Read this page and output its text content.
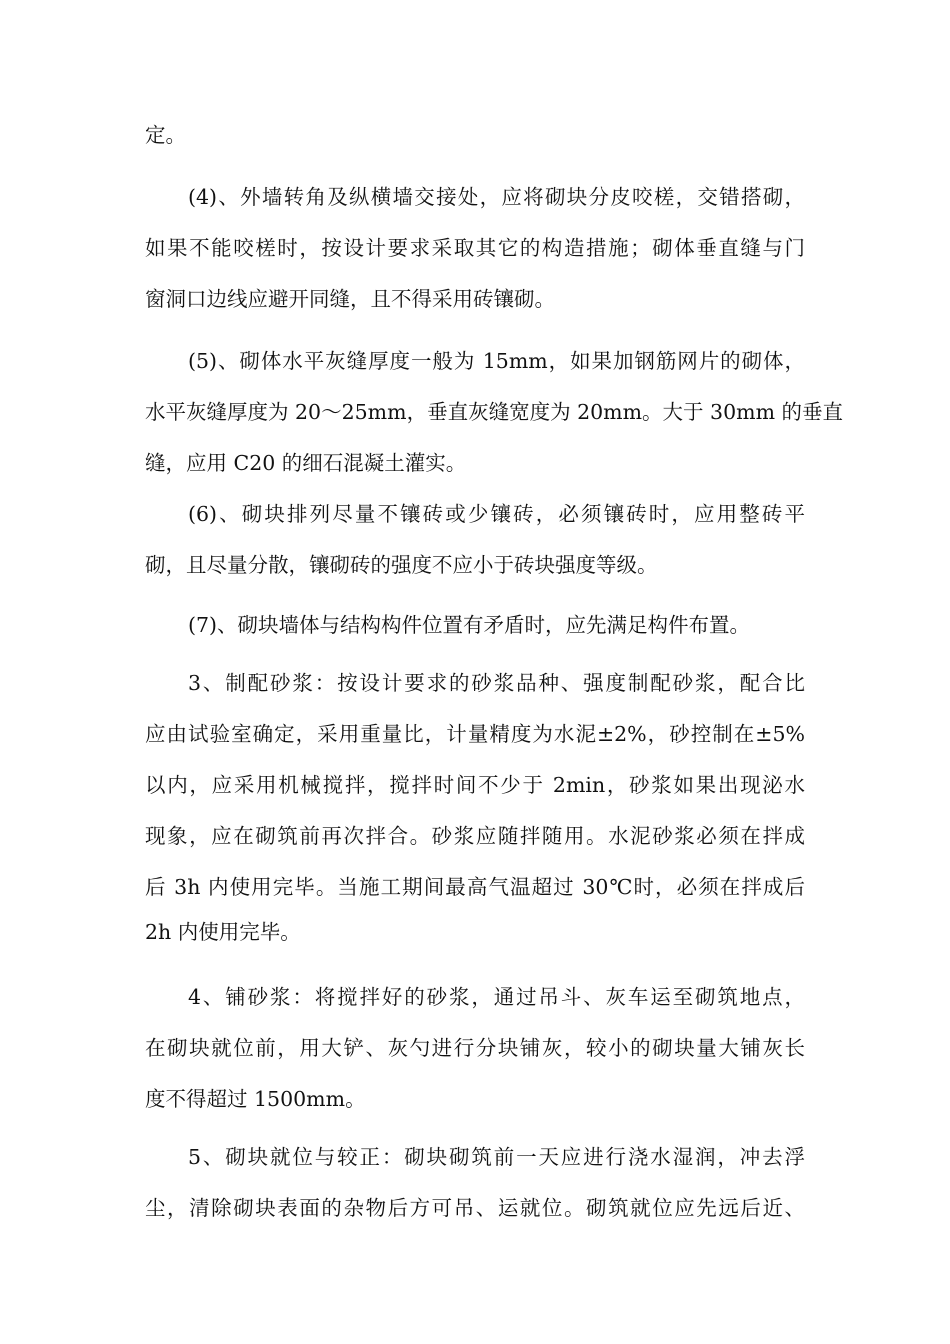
定。
(4)、外墙转角及纵横墙交接处，应将砌块分皮咬槎，交错搭砌，
如果不能咬槎时，按设计要求采取其它的构造措施；砌体垂直缝与门
窗洞口边线应避开同缝，且不得采用砖镶砌。
(5)、砌体水平灰缝厚度一般为 15mm，如果加钢筋网片的砌体，
水平灰缝厚度为 20～25mm，垂直灰缝宽度为 20mm。大于 30mm 的垂直
缝，应用 C20 的细石混凝土灌实。
(6)、砌块排列尽量不镶砖或少镶砖，必须镶砖时，应用整砖平
砌，且尽量分散，镶砌砖的强度不应小于砖块强度等级。
(7)、砌块墙体与结构构件位置有矛盾时，应先满足构件布置。
3、制配砂浆：按设计要求的砂浆品种、强度制配砂浆，配合比
应由试验室确定，采用重量比，计量精度为水泥±2%，砂控制在±5%
以内，应采用机械搅拌，搅拌时间不少于 2min，砂浆如果出现泌水
现象，应在砌筑前再次拌合。砂浆应随拌随用。水泥砂浆必须在拌成
后 3h 内使用完毕。当施工期间最高气温超过 30℃时，必须在拌成后
2h 内使用完毕。
4、铺砂浆：将搅拌好的砂浆，通过吊斗、灰车运至砌筑地点，
在砌块就位前，用大铲、灰勺进行分块铺灰，较小的砌块量大铺灰长
度不得超过 1500mm。
5、砌块就位与较正：砌块砌筑前一天应进行浇水湿润，冲去浮
尘，清除砌块表面的杂物后方可吊、运就位。砌筑就位应先远后近、
